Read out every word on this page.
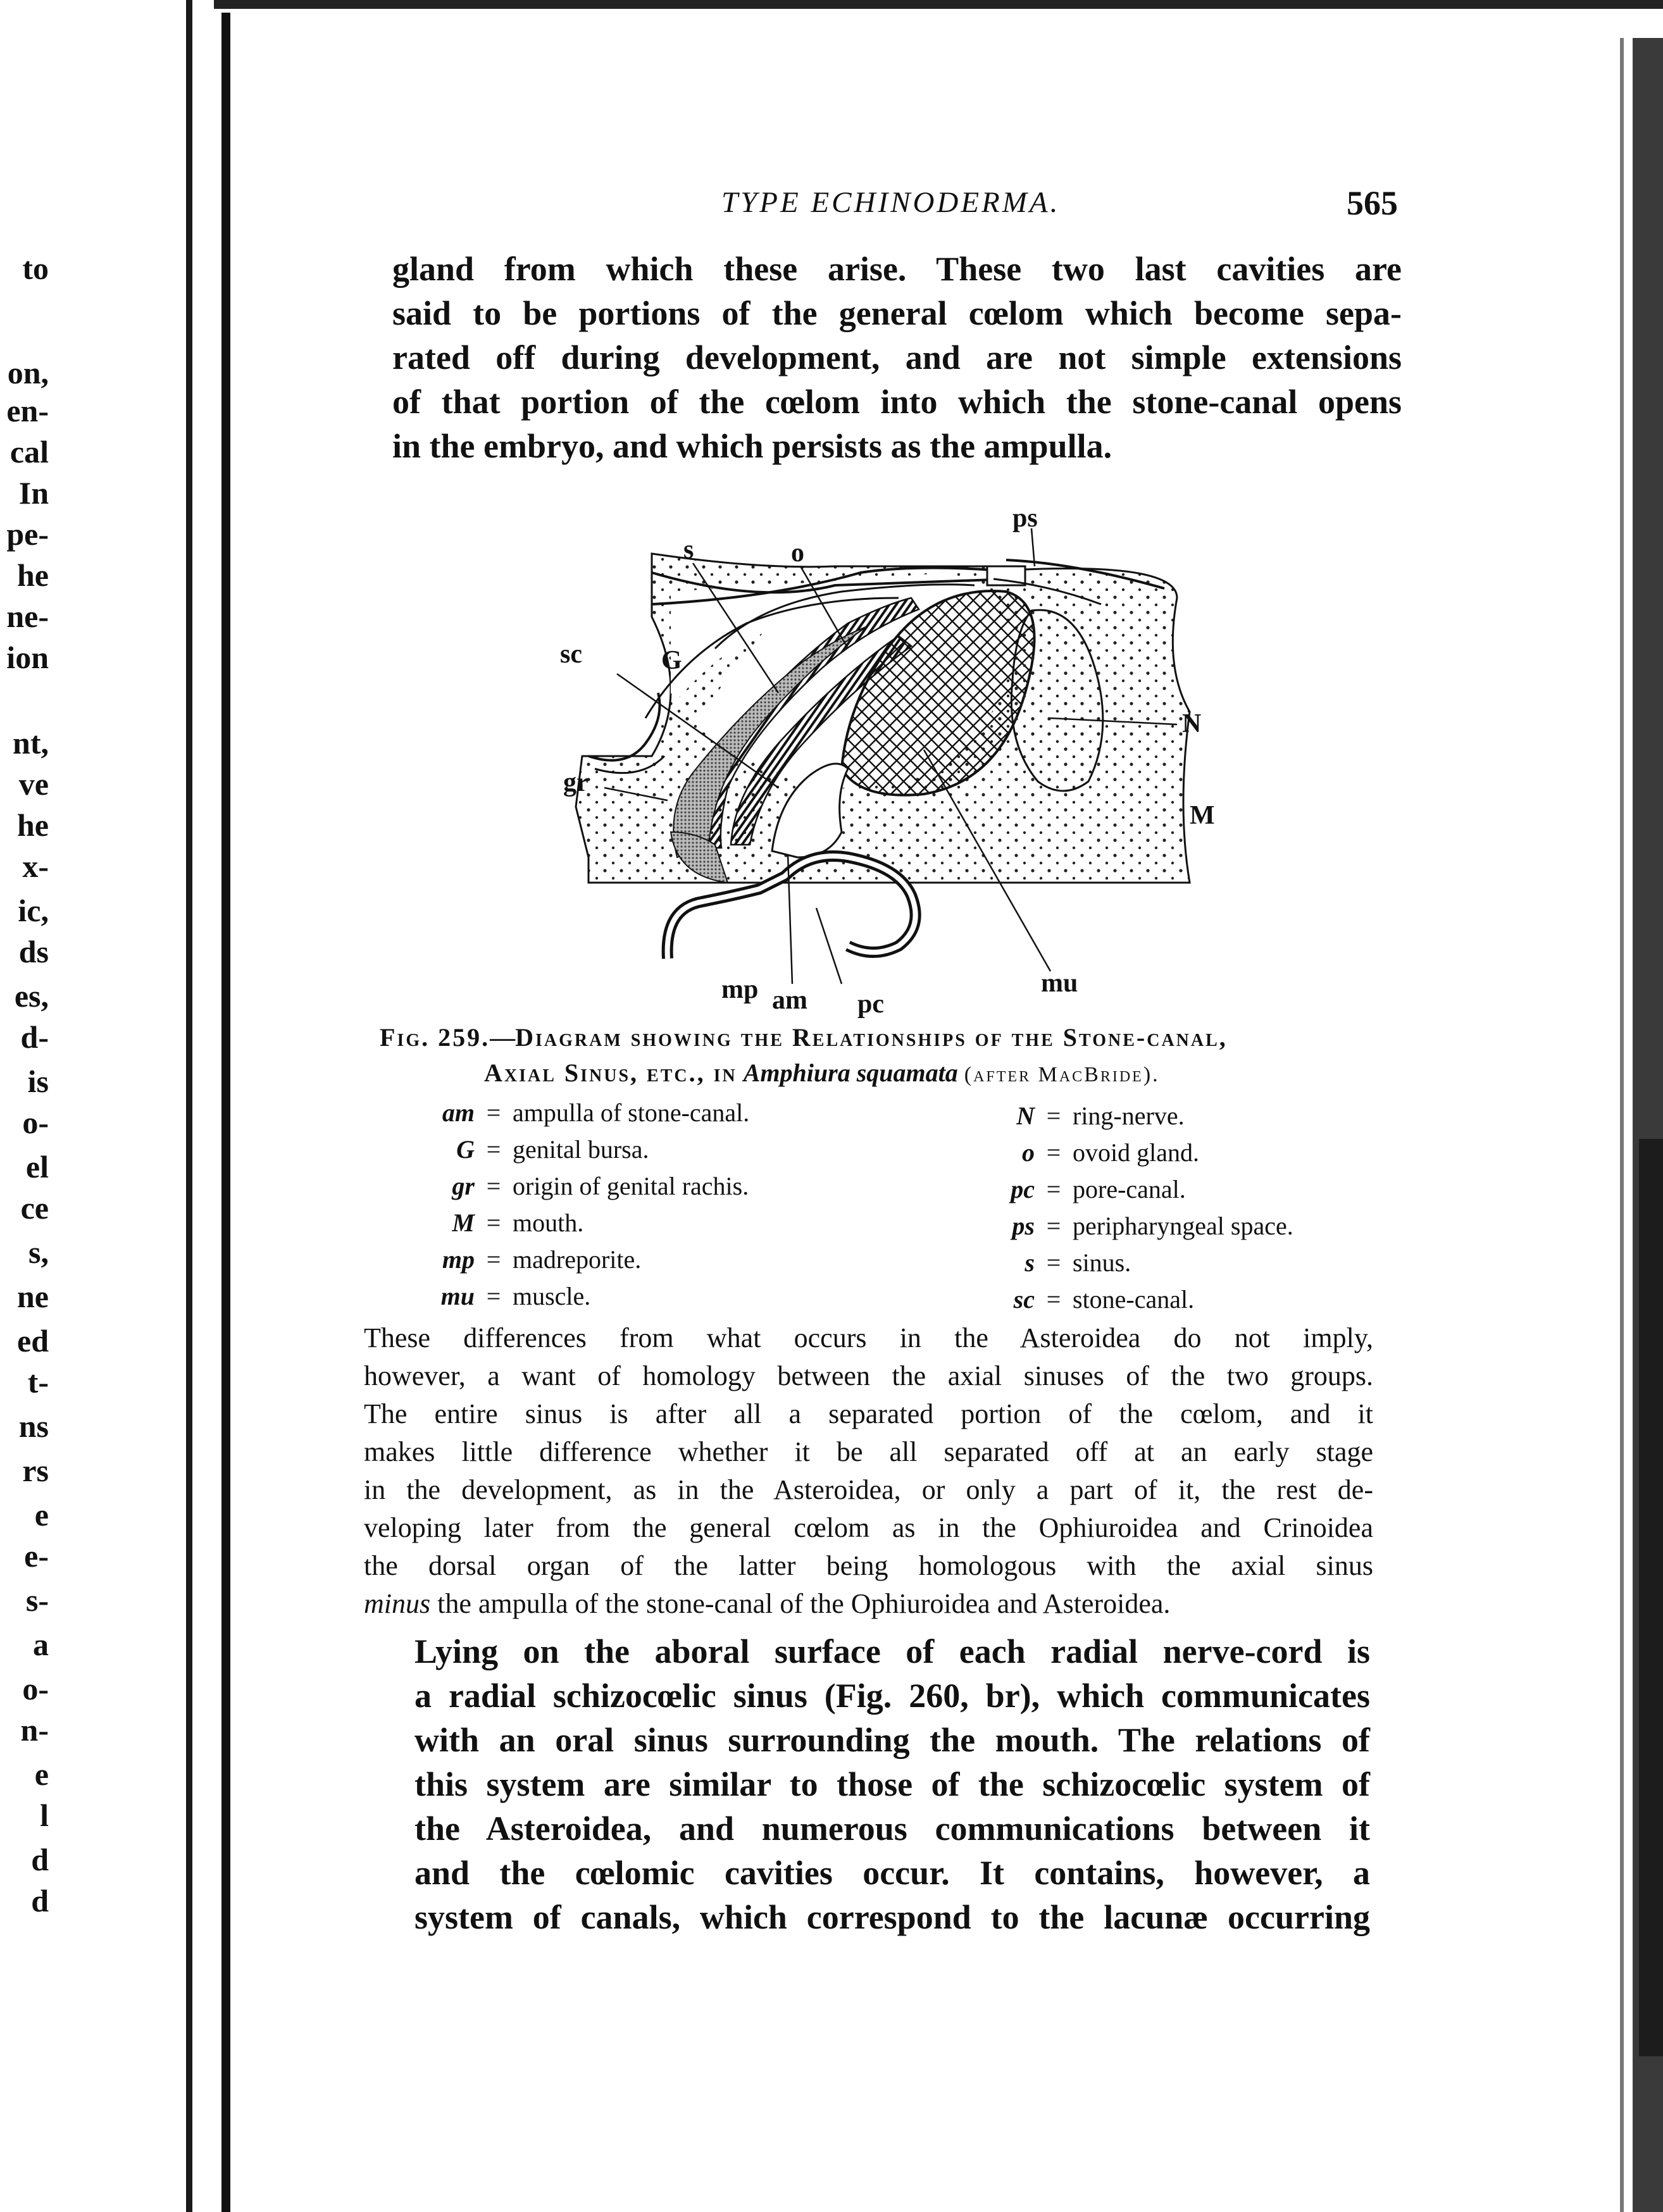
to
on,
en-
cal
In
pe-
he
ne-
ion
nt,
ve
he
x-
ic,
ds
es,
d-
is
o-
el
ce
s,
ne
ed
t-
ns
rs
e
e-
s-
a
o-
n-
e
l
d
d
TYPE ECHINODERMA.	565
gland from which these arise. These two last cavities are
said to be portions of the general cœlom which become sepa-
rated off during development, and are not simple extensions
of that portion of the cœlom into which the stone-canal opens
in the embryo, and which persists as the ampulla.
ps
s	o
sc	G
N
gr
M
mp am pc
mu
Fig. 259.—Diagram showing the Relationships of the Stone-canal,
Axial Sinus, etc., in Amphiura squamata (after MacBride).
am = ampulla of stone-canal.
G = genital bursa.
gr = origin of genital rachis.
M = mouth.
mp = madreporite.
mu = muscle.
N = ring-nerve.
o = ovoid gland.
pc = pore-canal.
ps = peripharyngeal space.
s = sinus.
sc = stone-canal.
These differences from what occurs in the Asteroidea do not imply,
however, a want of homology between the axial sinuses of the two groups.
The entire sinus is after all a separated portion of the cœlom, and it
makes little difference whether it be all separated off at an early stage
in the development, as in the Asteroidea, or only a part of it, the rest de-
veloping later from the general cœlom as in the Ophiuroidea and Crinoidea
the dorsal organ of the latter being homologous with the axial sinus
minus the ampulla of the stone-canal of the Ophiuroidea and Asteroidea.
Lying on the aboral surface of each radial nerve-cord is
a radial schizocœlic sinus (Fig. 260, br), which communicates
with an oral sinus surrounding the mouth. The relations of
this system are similar to those of the schizocœlic system of
the Asteroidea, and numerous communications between it
and the cœlomic cavities occur. It contains, however, a
system of canals, which correspond to the lacunæ occurring
